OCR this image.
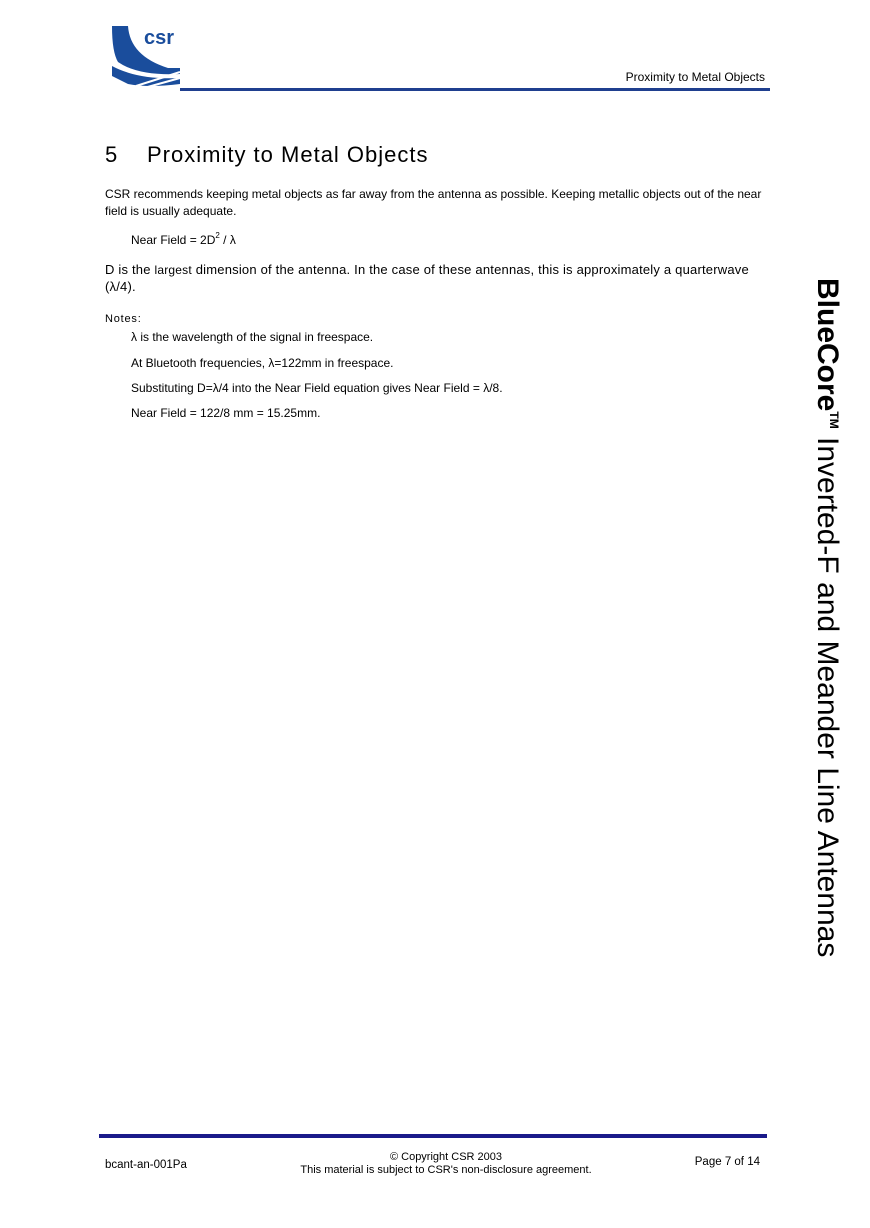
csr
Proximity to Metal Objects
5 Proximity to Metal Objects
CSR recommends keeping metal objects as far away from the antenna as possible. Keeping metallic objects out of the near field is usually adequate.
Near Field = $2D^2$ / λ
D is the largest dimension of the antenna. In the case of these antennas, this is approximately a quarterwave (λ/4).
Notes:
λ is the wavelength of the signal in freespace.
At Bluetooth frequencies, λ=122mm in freespace.
Substituting D=λ/4 into the Near Field equation gives Near Field = λ/8.
Near Field = 122/8 mm = 15.25mm.
BlueCore™ Inverted-F and Meander Line Antennas
bcant-an-001Pa
© Copyright CSR 2003
This material is subject to CSR's non-disclosure agreement.
Page 7 of 14
